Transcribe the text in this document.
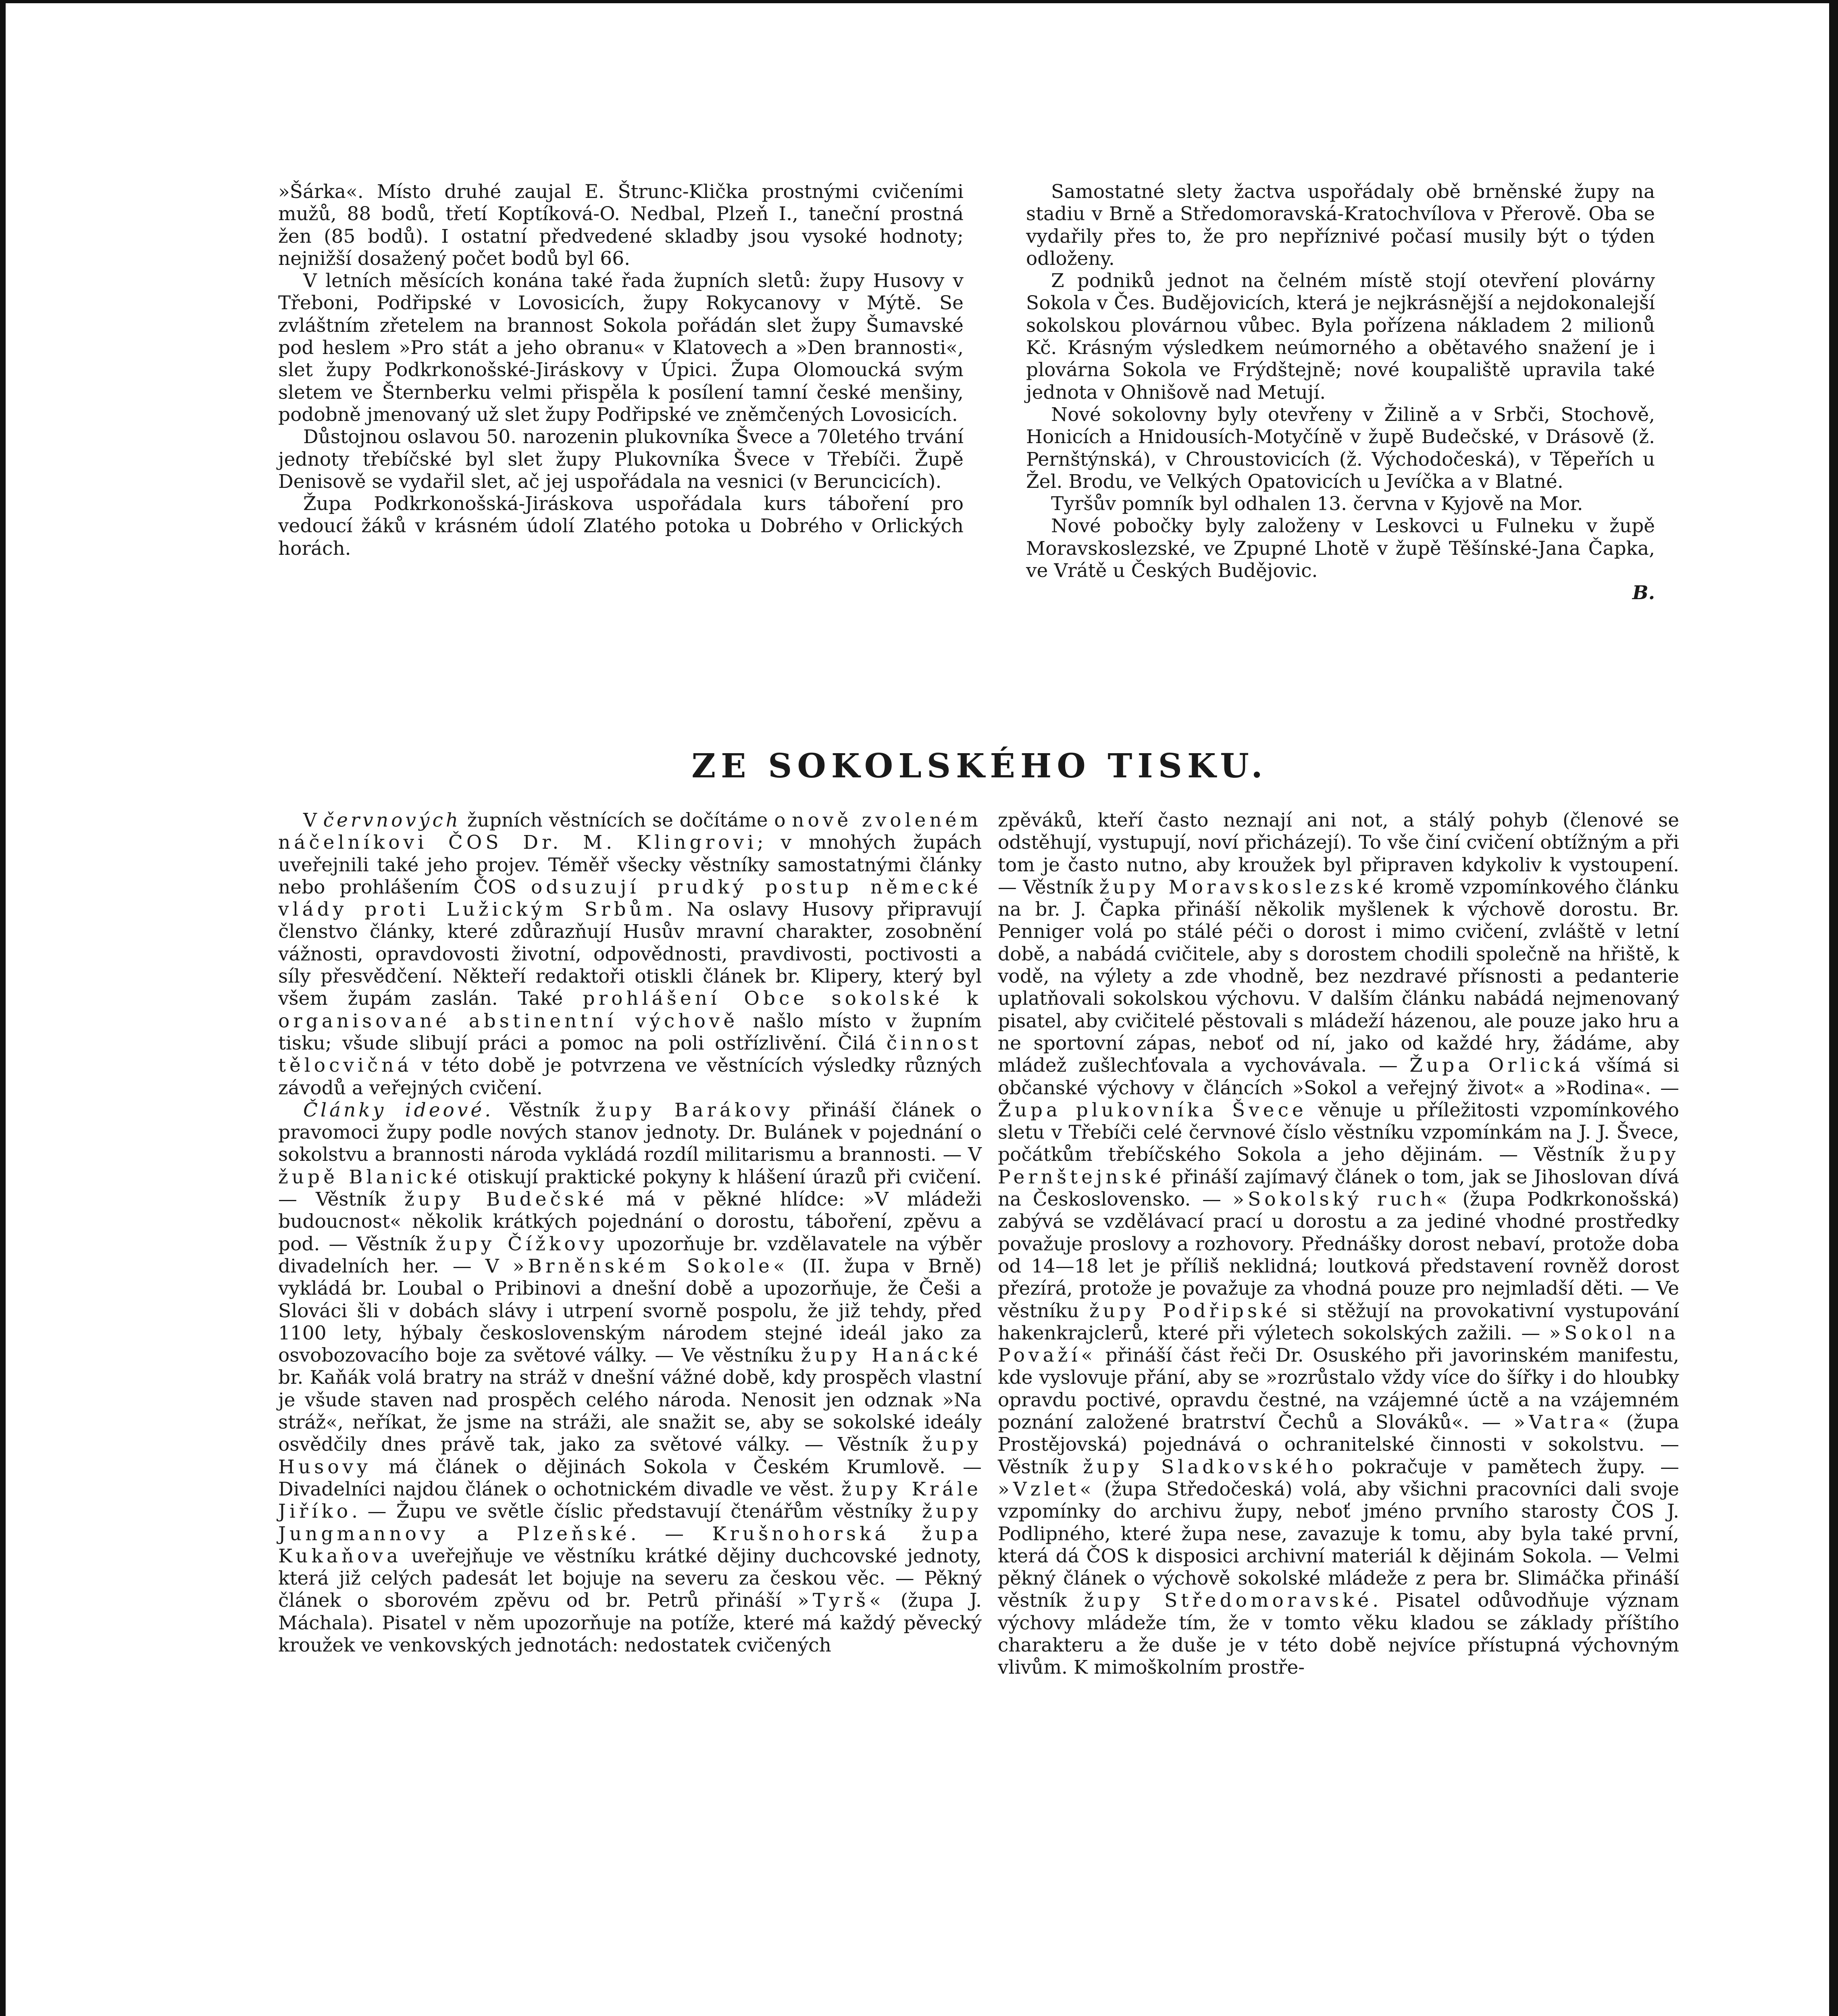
»Šárka«. Místo druhé zaujal E. Štrunc-Klička prostnými cvičeními mužů, 88 bodů, třetí Koptíková-O. Nedbal, Plzeň I., taneční prostná žen (85 bodů). I ostatní předvedené skladby jsou vysoké hodnoty; nejnižší dosažený počet bodů byl 66.

V letních měsících konána také řada župních sletů: župy Husovy v Třeboni, Podřipské v Lovosicích, župy Rokycanovy v Mýtě. Se zvláštním zřetelem na brannost Sokola pořádán slet župy Šumavské pod heslem »Pro stát a jeho obranu« v Klatovech a »Den brannosti«, slet župy Podkrkonošské-Jiráskovy v Úpici. Župa Olomoucká svým sletem ve Šternberku velmi přispěla k posílení tamní české menšiny, podobně jmenovaný už slet župy Podřipské ve zněmčených Lovosicích.

Důstojnou oslavou 50. narozenin plukovníka Švece a 70letého trvání jednoty třebíčské byl slet župy Plukovníka Švece v Třebíči. Župě Denisově se vydařil slet, ač jej uspořádala na vesnici (v Beruncicích).

Župa Podkrkonošská-Jiráskova uspořádala kurs táboření pro vedoucí žáků v krásném údolí Zlatého potoka u Dobrého v Orlických horách.

Samostatné slety žactva uspořádaly obě brněnské župy na stadiu v Brně a Středomoravská-Kratochvílova v Přerově. Oba se vydařily přes to, že pro nepříznivé počasí musily být o týden odloženy.

Z podniků jednot na čelném místě stojí otevření plovárny Sokola v Čes. Budějovicích, která je nejkrásnější a nejdokonalejší sokolskou plovárnou vůbec. Byla pořízena nákladem 2 milionů Kč. Krásným výsledkem neúmorného a obětavého snažení je i plovárna Sokola ve Frýdštejně; nové koupaliště upravila také jednota v Ohnišově nad Metují.

Nové sokolovny byly otevřeny v Žilině a v Srbči, Stochově, Honicích a Hnidousích-Motyčíně v župě Budečské, v Drásově (ž. Pernštýnská), v Chroustovicích (ž. Východočeská), v Těpeřích u Žel. Brodu, ve Velkých Opatovicích u Jevíčka a v Blatné.

Tyršův pomník byl odhalen 13. června v Kyjově na Mor.

Nové pobočky byly založeny v Leskovci u Fulneku v župě Moravskoslezské, ve Zpupné Lhotě v župě Těšínské-Jana Čapka, ve Vrátě u Českých Budějovic.

B.
ZE SOKOLSKÉHO TISKU.

V červnových župních věstnících se dočítáme o nově zvoleném náčelníkovi ČOS Dr. M. Klingrovi; v mnohých župách uveřejnili také jeho projev. Téměř všecky věstníky samostatnými články nebo prohlášením ČOS odsuzují prudký postup německé vlády proti Lužickým Srbům. Na oslavy Husovy připravují členstvo články, které zdůrazňují Husův mravní charakter, zosobnění vážnosti, opravdovosti životní, odpovědnosti, pravdivosti, poctivosti a síly přesvědčení. Někteří redaktoři otiskli článek br. Klipery, který byl všem župám zaslán. Také prohlášení Obce sokolské k organisované abstinentní výchově našlo místo v župním tisku; všude slibují práci a pomoc na poli ostřízlivění. Čilá činnost tělocvičná v této době je potvrzena ve věstnících výsledky různých závodů a veřejných cvičení.

Články ideové. Věstník župy Barákovy přináší článek o pravomoci župy podle nových stanov jednoty. Dr. Bulánek v pojednání o sokolstvu a brannosti národa vykládá rozdíl militarismu a brannosti. — V župě Blanické otiskují praktické pokyny k hlášení úrazů při cvičení. — Věstník župy Budečské má v pěkné hlídce: »V mládeži budoucnost« několik krátkých pojednání o dorostu, táboření, zpěvu a pod. — Věstník župy Čížkovy upozorňuje br. vzdělavatele na výběr divadelních her. — V »Brněnském Sokole« (II. župa v Brně) vykládá br. Loubal o Pribinovi a dnešní době a upozorňuje, že Češi a Slováci šli v dobách slávy i utrpení svorně pospolu, že již tehdy, před 1100 lety, hýbaly československým národem stejné ideál jako za osvobozovacího boje za světové války. — Ve věstníku župy Hanácké br. Kaňák volá bratry na stráž v dnešní vážné době, kdy prospěch vlastní je všude staven nad prospěch celého národa. Nenosit jen odznak »Na stráž«, neříkat, že jsme na stráži, ale snažit se, aby se sokolské ideály osvědčily dnes právě tak, jako za světové války. — Věstník župy Husovy má článek o dějinách Sokola v Českém Krumlově. — Divadelníci najdou článek o ochotnickém divadle ve věst. župy Krále Jiříko. — Župu ve světle číslic představují čtenářům věstníky župy Jungmannovy a Plzeňské. — Krušnohorská župa Kukaňova uveřejňuje ve věstníku krátké dějiny duchcovské jednoty, která již celých padesát let bojuje na severu za českou věc. — Pěkný článek o sborovém zpěvu od br. Petrů přináší »Tyrš« (župa J. Máchala). Pisatel v něm upozorňuje na potíže, které má každý pěvecký kroužek ve venkovských jednotách: nedostatek cvičených

zpěváků, kteří často neznají ani not, a stálý pohyb (členové se odstěhují, vystupují, noví přicházejí). To vše činí cvičení obtížným a při tom je často nutno, aby kroužek byl připraven kdykoliv k vystoupení. — Věstník župy Moravskoslezské kromě vzpomínkového článku na br. J. Čapka přináší několik myšlenek k výchově dorostu. Br. Penniger volá po stálé péči o dorost i mimo cvičení, zvláště v letní době, a nabádá cvičitele, aby s dorostem chodili společně na hřiště, k vodě, na výlety a zde vhodně, bez nezdravé přísnosti a pedanterie uplatňovali sokolskou výchovu. V dalším článku nabádá nejmenovaný pisatel, aby cvičitelé pěstovali s mládeží házenou, ale pouze jako hru a ne sportovní zápas, neboť od ní, jako od každé hry, žádáme, aby mládež zušlechťovala a vychovávala. — Župa Orlická všímá si občanské výchovy v článcích »Sokol a veřejný život« a »Rodina«. — Župa plukovníka Švece věnuje u příležitosti vzpomínkového sletu v Třebíči celé červnové číslo věstníku vzpomínkám na J. J. Švece, počátkům třebíčského Sokola a jeho dějinám. — Věstník župy Pernštejnské přináší zajímavý článek o tom, jak se Jihoslovan dívá na Československo. — »Sokolský ruch« (župa Podkrkonošská) zabývá se vzdělávací prací u dorostu a za jediné vhodné prostředky považuje proslovy a rozhovory. Přednášky dorost nebaví, protože doba od 14—18 let je příliš neklidná; loutková představení rovněž dorost přezírá, protože je považuje za vhodná pouze pro nejmladší děti. — Ve věstníku župy Podřipské si stěžují na provokativní vystupování hakenkrajclerů, které při výletech sokolských zažili. — »Sokol na Považí« přináší část řeči Dr. Osuského při javorinském manifestu, kde vyslovuje přání, aby se »rozrůstalo vždy více do šířky i do hloubky opravdu poctivé, opravdu čestné, na vzájemné úctě a na vzájemném poznání založené bratrství Čechů a Slováků«. — »Vatra« (župa Prostějovská) pojednává o ochranitelské činnosti v sokolstvu. — Věstník župy Sladkovského pokračuje v pamětech župy. — »Vzlet« (župa Středočeská) volá, aby všichni pracovníci dali svoje vzpomínky do archivu župy, neboť jméno prvního starosty ČOS J. Podlipného, které župa nese, zavazuje k tomu, aby byla také první, která dá ČOS k disposici archivní materiál k dějinám Sokola. — Velmi pěkný článek o výchově sokolské mládeže z pera br. Slimáčka přináší věstník župy Středomoravské. Pisatel odůvodňuje význam výchovy mládeže tím, že v tomto věku kladou se základy příštího charakteru a že duše je v této době nejvíce přístupná výchovným vlivům. K mimoškolním prostře-
